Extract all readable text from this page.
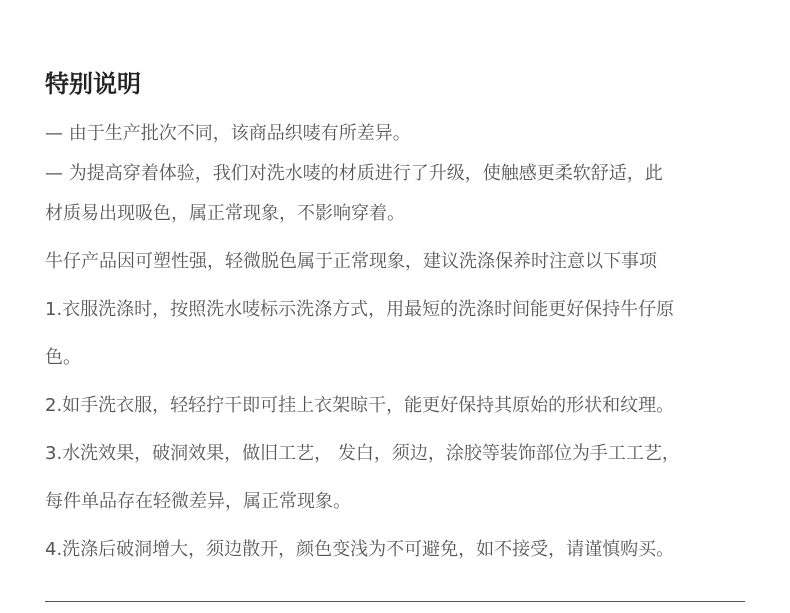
特别说明

— 由于生产批次不同，该商品织唛有所差异。

— 为提高穿着体验，我们对洗水唛的材质进行了升级，使触感更柔软舒适，此

材质易出现吸色，属正常现象，不影响穿着。

牛仔产品因可塑性强，轻微脱色属于正常现象，建议洗涤保养时注意以下事项

1.衣服洗涤时，按照洗水唛标示洗涤方式，用最短的洗涤时间能更好保持牛仔原

色。

2.如手洗衣服，轻轻拧干即可挂上衣架晾干，能更好保持其原始的形状和纹理。

3.水洗效果，破洞效果，做旧工艺， 发白，须边，涂胶等装饰部位为手工工艺，

每件单品存在轻微差异，属正常现象。

4.洗涤后破洞增大，须边散开，颜色变浅为不可避免，如不接受，请谨慎购买。
